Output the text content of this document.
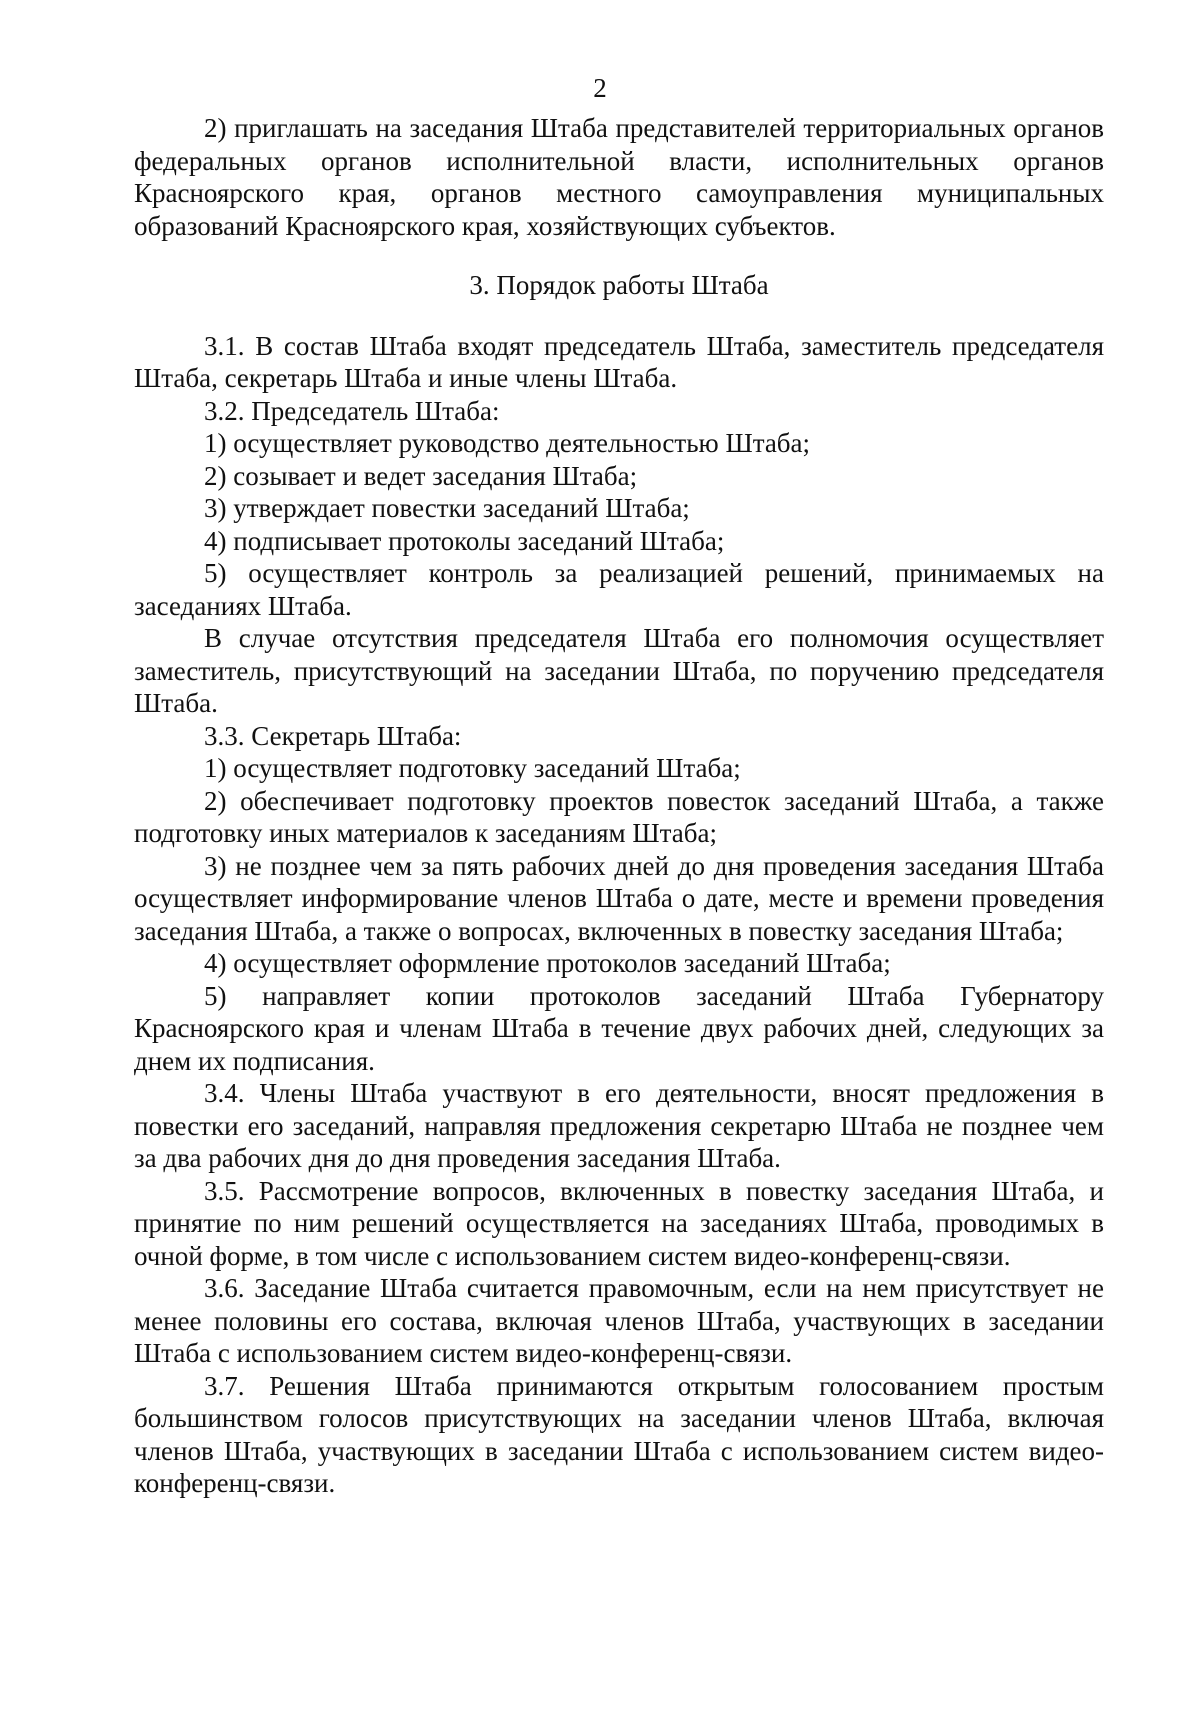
2

2) приглашать на заседания Штаба представителей территориальных органов федеральных органов исполнительной власти, исполнительных органов Красноярского края, органов местного самоуправления муниципальных образований Красноярского края, хозяйствующих субъектов.

3. Порядок работы Штаба

3.1. В состав Штаба входят председатель Штаба, заместитель председателя Штаба, секретарь Штаба и иные члены Штаба.

3.2. Председатель Штаба:

1) осуществляет руководство деятельностью Штаба;

2) созывает и ведет заседания Штаба;

3) утверждает повестки заседаний Штаба;

4) подписывает протоколы заседаний Штаба;

5) осуществляет контроль за реализацией решений, принимаемых на заседаниях Штаба.

В случае отсутствия председателя Штаба его полномочия осуществляет заместитель, присутствующий на заседании Штаба, по поручению председателя Штаба.

3.3. Секретарь Штаба:

1) осуществляет подготовку заседаний Штаба;

2) обеспечивает подготовку проектов повесток заседаний Штаба, а также подготовку иных материалов к заседаниям Штаба;

3) не позднее чем за пять рабочих дней до дня проведения заседания Штаба осуществляет информирование членов Штаба о дате, месте и времени проведения заседания Штаба, а также о вопросах, включенных в повестку заседания Штаба;

4) осуществляет оформление протоколов заседаний Штаба;

5) направляет копии протоколов заседаний Штаба Губернатору Красноярского края и членам Штаба в течение двух рабочих дней, следующих за днем их подписания.

3.4. Члены Штаба участвуют в его деятельности, вносят предложения в повестки его заседаний, направляя предложения секретарю Штаба не позднее чем за два рабочих дня до дня проведения заседания Штаба.

3.5. Рассмотрение вопросов, включенных в повестку заседания Штаба, и принятие по ним решений осуществляется на заседаниях Штаба, проводимых в очной форме, в том числе с использованием систем видео-конференц-связи.

3.6. Заседание Штаба считается правомочным, если на нем присутствует не менее половины его состава, включая членов Штаба, участвующих в заседании Штаба с использованием систем видео-конференц-связи.

3.7. Решения Штаба принимаются открытым голосованием простым большинством голосов присутствующих на заседании членов Штаба, включая членов Штаба, участвующих в заседании Штаба с использованием систем видео-конференц-связи.
